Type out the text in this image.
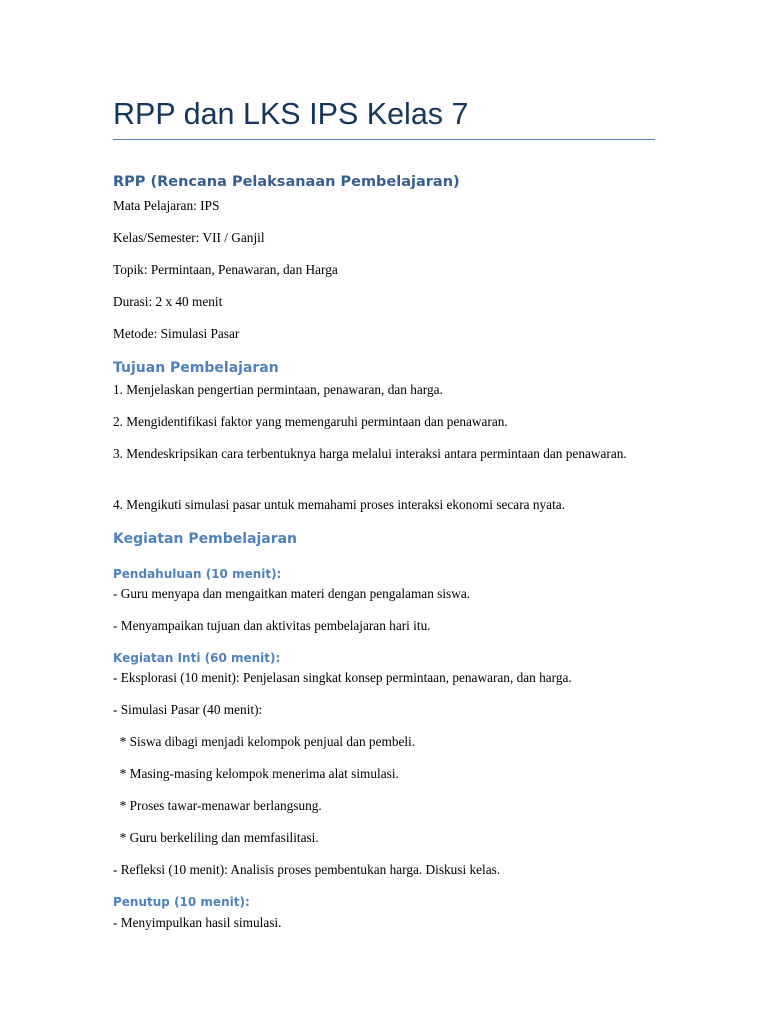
RPP dan LKS IPS Kelas 7
RPP (Rencana Pelaksanaan Pembelajaran)

Mata Pelajaran: IPS

Kelas/Semester: VII / Ganjil

Topik: Permintaan, Penawaran, dan Harga

Durasi: 2 x 40 menit

Metode: Simulasi Pasar

Tujuan Pembelajaran

1. Menjelaskan pengertian permintaan, penawaran, dan harga.

2. Mengidentifikasi faktor yang memengaruhi permintaan dan penawaran.

3. Mendeskripsikan cara terbentuknya harga melalui interaksi antara permintaan dan penawaran.

4. Mengikuti simulasi pasar untuk memahami proses interaksi ekonomi secara nyata.

Kegiatan Pembelajaran
Pendahuluan (10 menit):

- Guru menyapa dan mengaitkan materi dengan pengalaman siswa.

- Menyampaikan tujuan dan aktivitas pembelajaran hari itu.

Kegiatan Inti (60 menit):

- Eksplorasi (10 menit): Penjelasan singkat konsep permintaan, penawaran, dan harga.

- Simulasi Pasar (40 menit):

* Siswa dibagi menjadi kelompok penjual dan pembeli.

* Masing-masing kelompok menerima alat simulasi.

* Proses tawar-menawar berlangsung.

* Guru berkeliling dan memfasilitasi.

- Refleksi (10 menit): Analisis proses pembentukan harga. Diskusi kelas.

Penutup (10 menit):

- Menyimpulkan hasil simulasi.
